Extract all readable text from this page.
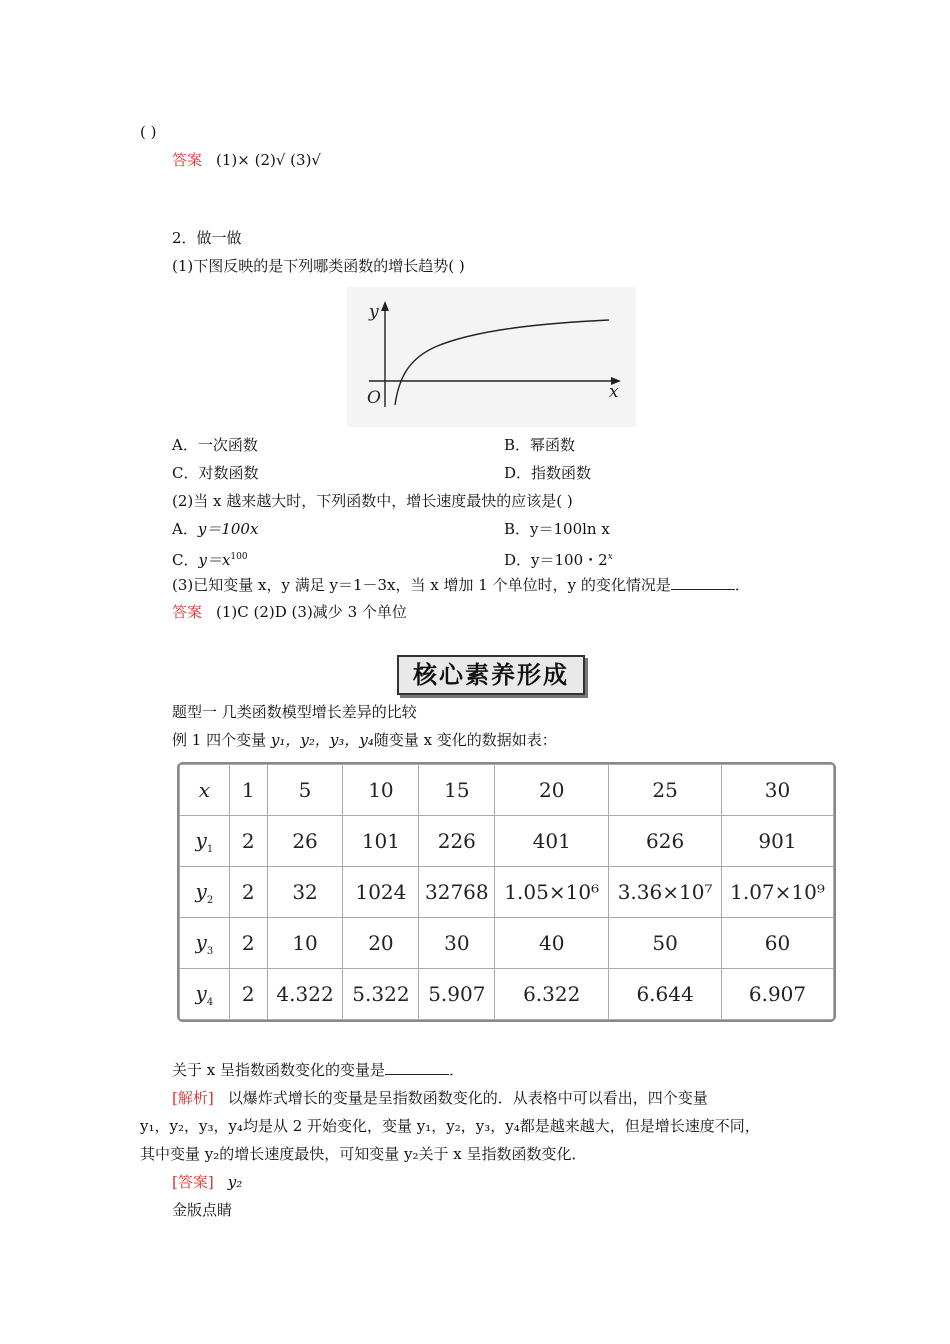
( )
答案 (1)× (2)√ (3)√
2．做一做
(1)下图反映的是下列哪类函数的增长趋势( )
y
x
O
A．一次函数	B．幂函数
C．对数函数	D．指数函数
(2)当 x 越来越大时，下列函数中，增长速度最快的应该是( )
A．y＝100x	B．y＝100ln x
C．$y=x^{100}$	D．y＝100・2$^x$
(3)已知变量 x，y 满足 y＝1－3x，当 x 增加 1 个单位时，y 的变化情况是	．
答案 (1)C (2)D (3)减少 3 个单位
核心素养形成
题型一 几类函数模型增长差异的比较
例 1 四个变量 y₁，y₂，y₃，y₄随变量 x 变化的数据如表：
x	1	5	10	15	20	25	30
$y_1$	2	26	101	226	401	626	901
$y_2$	2	32	1024	32768	1.05×10⁶	3.36×10⁷	1.07×10⁹
$y_3$	2	10	20	30	40	50	60
$y_4$	2	4.322	5.322	5.907	6.322	6.644	6.907
关于 x 呈指数函数变化的变量是	．
[解析] 以爆炸式增长的变量是呈指数函数变化的．从表格中可以看出，四个变量
y₁，y₂，y₃，y₄均是从 2 开始变化，变量 y₁，y₂，y₃，y₄都是越来越大，但是增长速度不同，
其中变量 y₂的增长速度最快，可知变量 y₂关于 x 呈指数函数变化．
[答案] y₂
金版点睛
